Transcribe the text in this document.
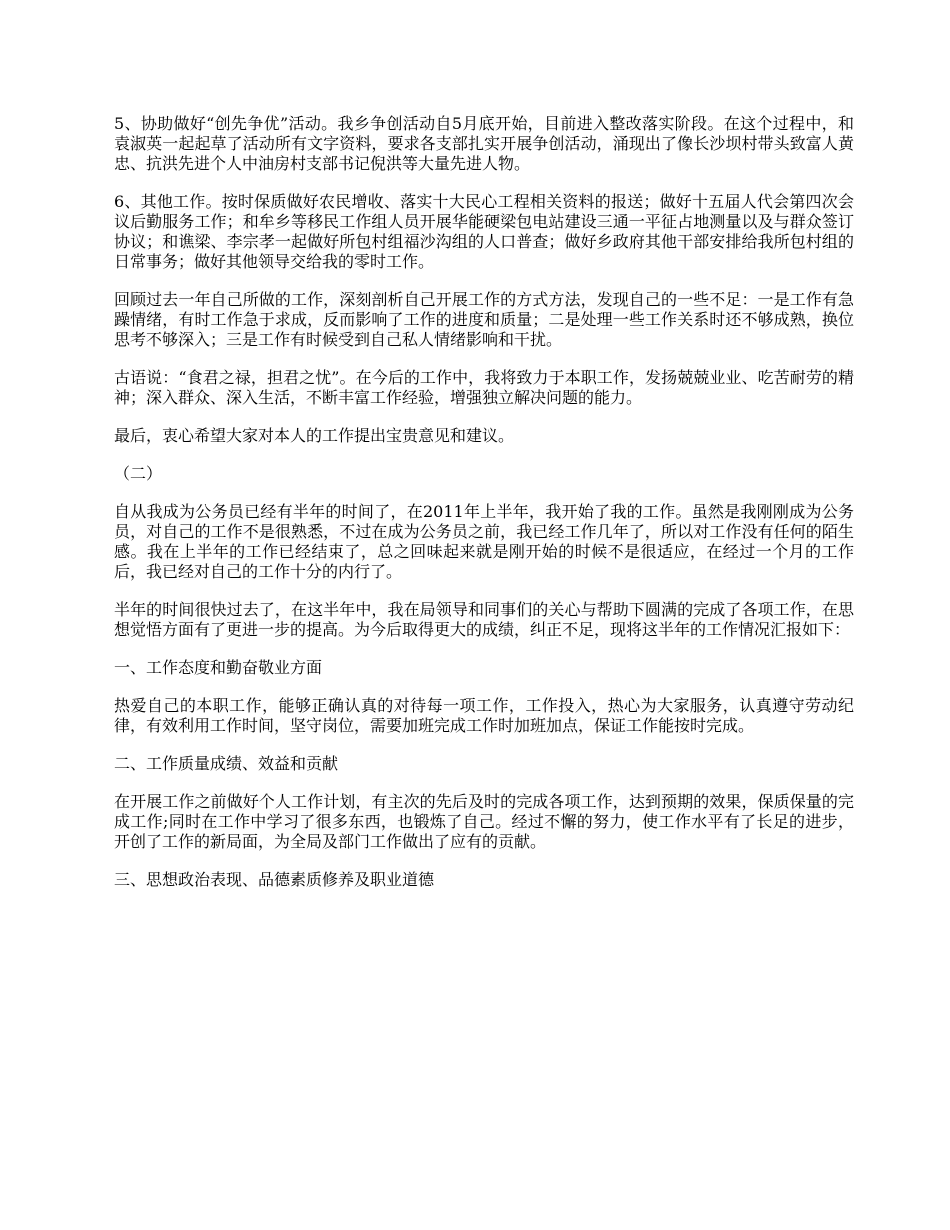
5、协助做好“创先争优”活动。我乡争创活动自5月底开始，目前进入整改落实阶段。在这个过程中，和袁淑英一起起草了活动所有文字资料，要求各支部扎实开展争创活动，涌现出了像长沙坝村带头致富人黄忠、抗洪先进个人中油房村支部书记倪洪等大量先进人物。

6、其他工作。按时保质做好农民增收、落实十大民心工程相关资料的报送；做好十五届人代会第四次会议后勤服务工作；和牟乡等移民工作组人员开展华能硬梁包电站建设三通一平征占地测量以及与群众签订协议；和谯梁、李宗孝一起做好所包村组福沙沟组的人口普查；做好乡政府其他干部安排给我所包村组的日常事务；做好其他领导交给我的零时工作。

回顾过去一年自己所做的工作，深刻剖析自己开展工作的方式方法，发现自己的一些不足：一是工作有急躁情绪，有时工作急于求成，反而影响了工作的进度和质量；二是处理一些工作关系时还不够成熟，换位思考不够深入；三是工作有时候受到自己私人情绪影响和干扰。

古语说：“食君之禄，担君之忧”。在今后的工作中，我将致力于本职工作，发扬兢兢业业、吃苦耐劳的精神；深入群众、深入生活，不断丰富工作经验，增强独立解决问题的能力。

最后，衷心希望大家对本人的工作提出宝贵意见和建议。

（二）

自从我成为公务员已经有半年的时间了，在2011年上半年，我开始了我的工作。虽然是我刚刚成为公务员，对自己的工作不是很熟悉，不过在成为公务员之前，我已经工作几年了，所以对工作没有任何的陌生感。我在上半年的工作已经结束了，总之回味起来就是刚开始的时候不是很适应，在经过一个月的工作后，我已经对自己的工作十分的内行了。

半年的时间很快过去了，在这半年中，我在局领导和同事们的关心与帮助下圆满的完成了各项工作，在思想觉悟方面有了更进一步的提高。为今后取得更大的成绩，纠正不足，现将这半年的工作情况汇报如下：

一、工作态度和勤奋敬业方面

热爱自己的本职工作，能够正确认真的对待每一项工作，工作投入，热心为大家服务，认真遵守劳动纪律，有效利用工作时间，坚守岗位，需要加班完成工作时加班加点，保证工作能按时完成。

二、工作质量成绩、效益和贡献

在开展工作之前做好个人工作计划，有主次的先后及时的完成各项工作，达到预期的效果，保质保量的完成工作;同时在工作中学习了很多东西，也锻炼了自己。经过不懈的努力，使工作水平有了长足的进步，开创了工作的新局面，为全局及部门工作做出了应有的贡献。

三、思想政治表现、品德素质修养及职业道德
